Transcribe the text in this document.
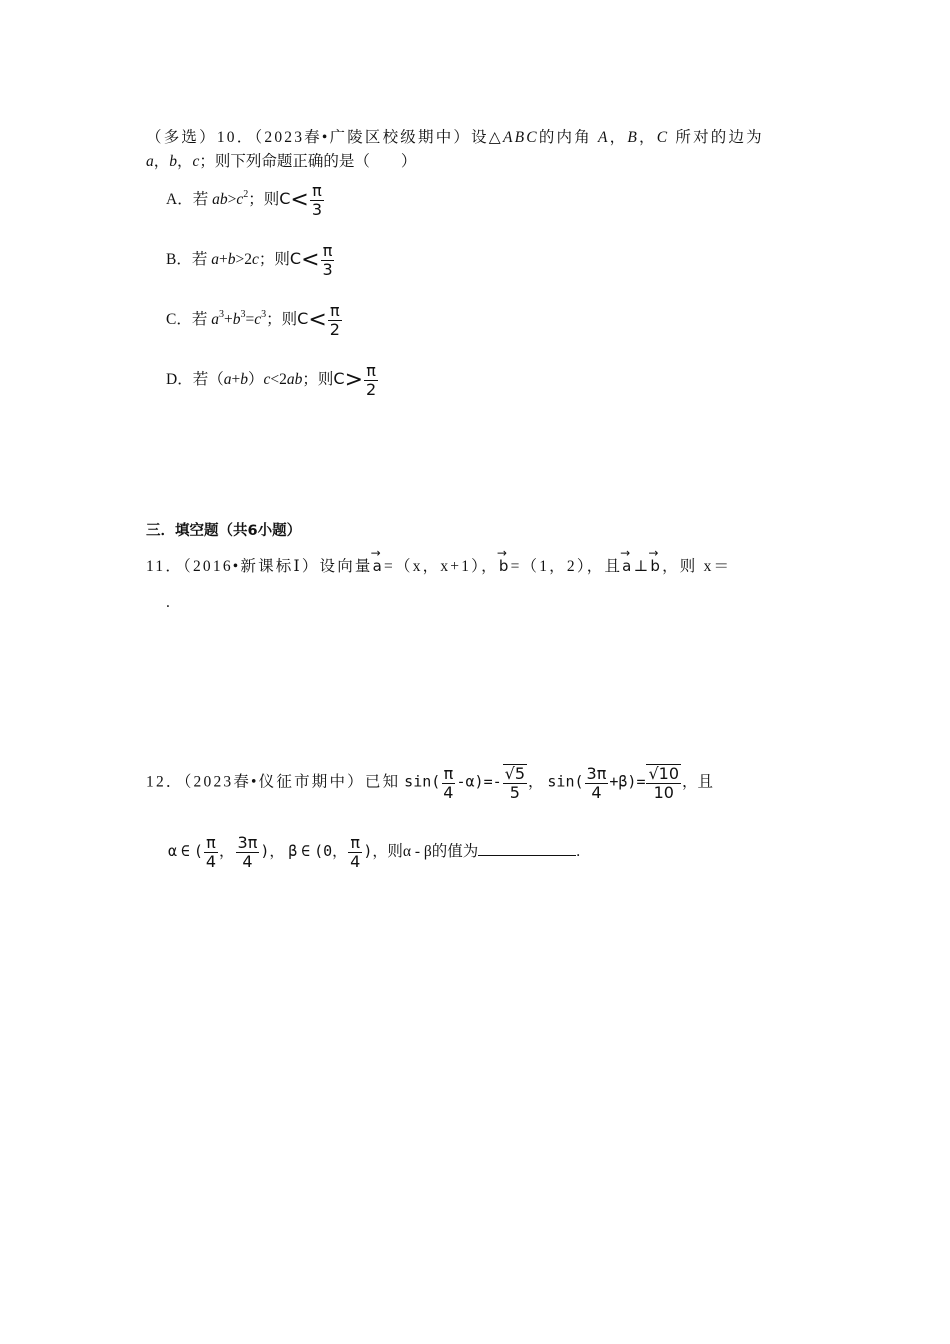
（多选）10．（2023春•广陵区校级期中）设△ABC的内角 A，B，C 所对的边为
a，b，c；则下列命题正确的是（　　）
A．若 $ab>c^2$；则$C< \frac{\pi}{3}$
B．若 a+b>2c；则$C< \frac{\pi}{3}$
C．若 $a^3+b^3=c^3$；则$C< \frac{\pi}{2}$
D．若（a+b）c<2ab；则$C> \frac{\pi}{2}$
三．填空题（共6小题）
11．（2016•新课标Ⅰ）设向量→ a=（x，x+1），→ b=（1，2），且→ a⊥→ b，则 x＝
.
12．（2023春•仪征市期中）已知 $\sin( \frac{\pi}{4} -\alpha)=- \frac{√5}{5}$ ， $\sin( \frac{3\pi}{4} +\beta)= \frac{√10}{10}$ ，且
α ∈ ( $\frac{\pi}{4}$ ， $\frac{3\pi}{4}$ )， β ∈ (0， $\frac{\pi}{4}$ )，则α - β的值为	.
